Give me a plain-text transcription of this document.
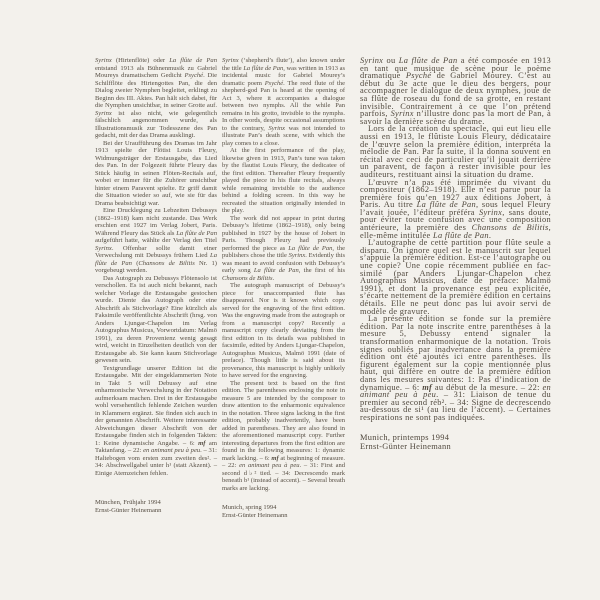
Syrinx (Hirtenflöte) oder La flûte de Pan entstand 1913 als Bühnenmusik zu Gabriel Moureys dramatischem Gedicht Psyché. Die Schilfflöte des Hirtengottes Pan, die den Dialog zweier Nymphen begleitet, erklingt zu Beginn des III. Aktes. Pan hält sich dabei, für die Nymphen unsichtbar, in seiner Grotte auf. Syrinx ist also nicht, wie gelegentlich fälschlich angenommen wurde, als Illustrationsmusik zur Todesszene des Pan gedacht, mit der das Drama ausklingt.

Bei der Uraufführung des Dramas im Jahr 1913 spielte der Flötist Louis Fleury, Widmungsträger der Erstausgabe, das Lied des Pan. In der Folgezeit führte Fleury das Stück häufig in seinen Flöten-Recitals auf, wobei er immer für die Zuhörer unsichtbar hinter einem Paravent spielte. Er griff damit die Situation wieder so auf, wie sie für das Drama beabsichtigt war.

Eine Drucklegung zu Lebzeiten Debussys (1862–1918) kam nicht zustande. Das Werk erschien erst 1927 im Verlag Jobert, Paris. Während Fleury das Stück als La flûte de Pan aufgeführt hatte, wählte der Verlag den Titel Syrinx. Offenbar sollte damit einer Verwechslung mit Debussys frühem Lied La flûte de Pan (Chansons de Bilitis Nr. 1) vorgebeugt werden.

Das Autograph zu Debussys Flötensolo ist verschollen. Es ist auch nicht bekannt, nach welcher Vorlage die Erstausgabe gestochen wurde. Diente das Autograph oder eine Abschrift als Stichvorlage? Eine kürzlich als Faksimile veröffentlichte Abschrift (hrsg. von Anders Ljungar-Chapelon im Verlag Autographus Musicus, Vorwortdatum: Malmö 1991), zu deren Provenienz wenig gesagt wird, weicht in Einzelheiten deutlich von der Erstausgabe ab. Sie kann kaum Stichvorlage gewesen sein.

Textgrundlage unserer Edition ist die Erstausgabe. Mit der eingeklammerten Note in Takt 5 will Debussy auf eine enharmonische Verwechslung in der Notation aufmerksam machen. Drei in der Erstausgabe wohl versehentlich fehlende Zeichen wurden in Klammern ergänzt. Sie finden sich auch in der genannten Abschrift. Weitere interessante Abweichungen dieser Abschrift von der Erstausgabe finden sich in folgenden Takten: 1: Keine dynamische Angabe. – 6: mf am Taktanfang. – 22: en animant peu à peu. – 31: Haltebogen vom ersten zum zweiten des². – 34: Abschwellgabel unter h¹ (statt Akzent). – Einige Atemzeichen fehlen.

München, Frühjahr 1994
Ernst-Günter Heinemann

Syrinx (‘shepherd’s flute’), also known under the title La flûte de Pan, was written in 1913 as incidental music for Gabriel Mourey’s dramatic poem Psyché. The reed flute of the shepherd-god Pan is heard at the opening of Act 3, where it accompanies a dialogue between two nymphs. All the while Pan remains in his grotto, invisible to the nymphs. In other words, despite occasional assumptions to the contrary, Syrinx was not intended to illustrate Pan’s death scene, with which the play comes to a close.

At the first performance of the play, likewise given in 1913, Pan’s tune was taken by the flautist Louis Fleury, the dedicatee of the first edition. Thereafter Fleury frequently played the piece in his flute recitals, always while remaining invisible to the audience behind a folding screen. In this way he recreated the situation originally intended in the play.

The work did not appear in print during Debussy’s lifetime (1862–1918), only being published in 1927 by the house of Jobert in Paris. Though Fleury had previously performed the piece as La flûte de Pan, the publishers chose the title Syrinx. Evidently this was meant to avoid confusion with Debussy’s early song La flûte de Pan, the first of his Chansons de Bilitis.

The autograph manuscript of Debussy’s piece for unaccompanied flute has disappeared. Nor is it known which copy served for the engraving of the first edition. Was the engraving made from the autograph or from a manuscript copy? Recently a manuscript copy clearly deviating from the first edition in its details was published in facsimile, edited by Anders Ljungar-Chapelon, Autographus Musicus, Malmö 1991 (date of preface). Though little is said about its provenance, this manuscript is highly unlikely to have served for the engraving.

The present text is based on the first edition. The parentheses enclosing the note in measure 5 are intended by the composer to draw attention to the enharmonic equivalence in the notation. Three signs lacking in the first edition, probably inadvertently, have been added in parentheses. They are also found in the aforementioned manuscript copy. Further interesting departures from the first edition are found in the following measures: 1: dynamic mark lacking. – 6: mf at beginning of measure. – 22: en animant peu à peu. – 31: First and second d♭² tied. – 34: Decrescendo mark beneath b¹ (instead of accent). – Several breath marks are lacking.

Munich, spring 1994
Ernst-Günter Heinemann

Syrinx ou La flûte de Pan a été composée en 1913 en tant que musique de scène pour le poème dramatique Psyché de Gabriel Mourey. C’est au début du 3e acte que le dieu des bergers, pour accompagner le dialogue de deux nymphes, joue de sa flûte de roseau du fond de sa grotte, en restant invisible. Contrairement à ce que l’on prétend parfois, Syrinx n’illustre donc pas la mort de Pan, à savoir la dernière scène du drame.

Lors de la création du spectacle, qui eut lieu elle aussi en 1913, le flûtiste Louis Fleury, dédicataire de l’œuvre selon la première édition, interpréta la mélodie de Pan. Par la suite, il la donna souvent en récital avec ceci de particulier qu’il jouait derrière un paravent, de façon à rester invisible pour les auditeurs, restituant ainsi la situation du drame.

L’œuvre n’a pas été imprimée du vivant du compositeur (1862–1918). Elle n’est parue pour la première fois qu’en 1927 aux éditions Jobert, à Paris. Au titre La flûte de Pan, sous lequel Fleury l’avait jouée, l’éditeur préféra Syrinx, sans doute, pour éviter toute confusion avec une composition antérieure, la première des Chansons de Bilitis, elle-même intitulée La flûte de Pan.

L’autographe de cette partition pour flûte seule a disparu. On ignore quel est le manuscrit sur lequel s’appuie la première édition. Est-ce l’autographe ou une copie? Une copie récemment publiée en fac-similé (par Anders Ljungar-Chapelon chez Autographus Musicus, date de préface: Malmö 1991), et dont la provenance est peu explicitée, s’écarte nettement de la première édition en certains détails. Elle ne peut donc pas lui avoir servi de modèle de gravure.

La présente édition se fonde sur la première édition. Par la note inscrite entre parenthèses à la mesure 5, Debussy entend signaler la transformation enharmonique de la notation. Trois signes oubliés par inadvertance dans la première édition ont été ajoutés ici entre parenthèses. Ils figurent également sur la copie mentionnée plus haut, qui diffère en outre de la première édition dans les mesures suivantes: 1: Pas d’indication de dynamique. – 6: mf au début de la mesure. – 22: en animant peu à peu. – 31: Liaison de tenue du premier au second réb². – 34: Signe de decrescendo au-dessous de si¹ (au lieu de l’accent). – Certaines respirations ne sont pas indiquées.

Munich, printemps 1994
Ernst-Günter Heinemann
